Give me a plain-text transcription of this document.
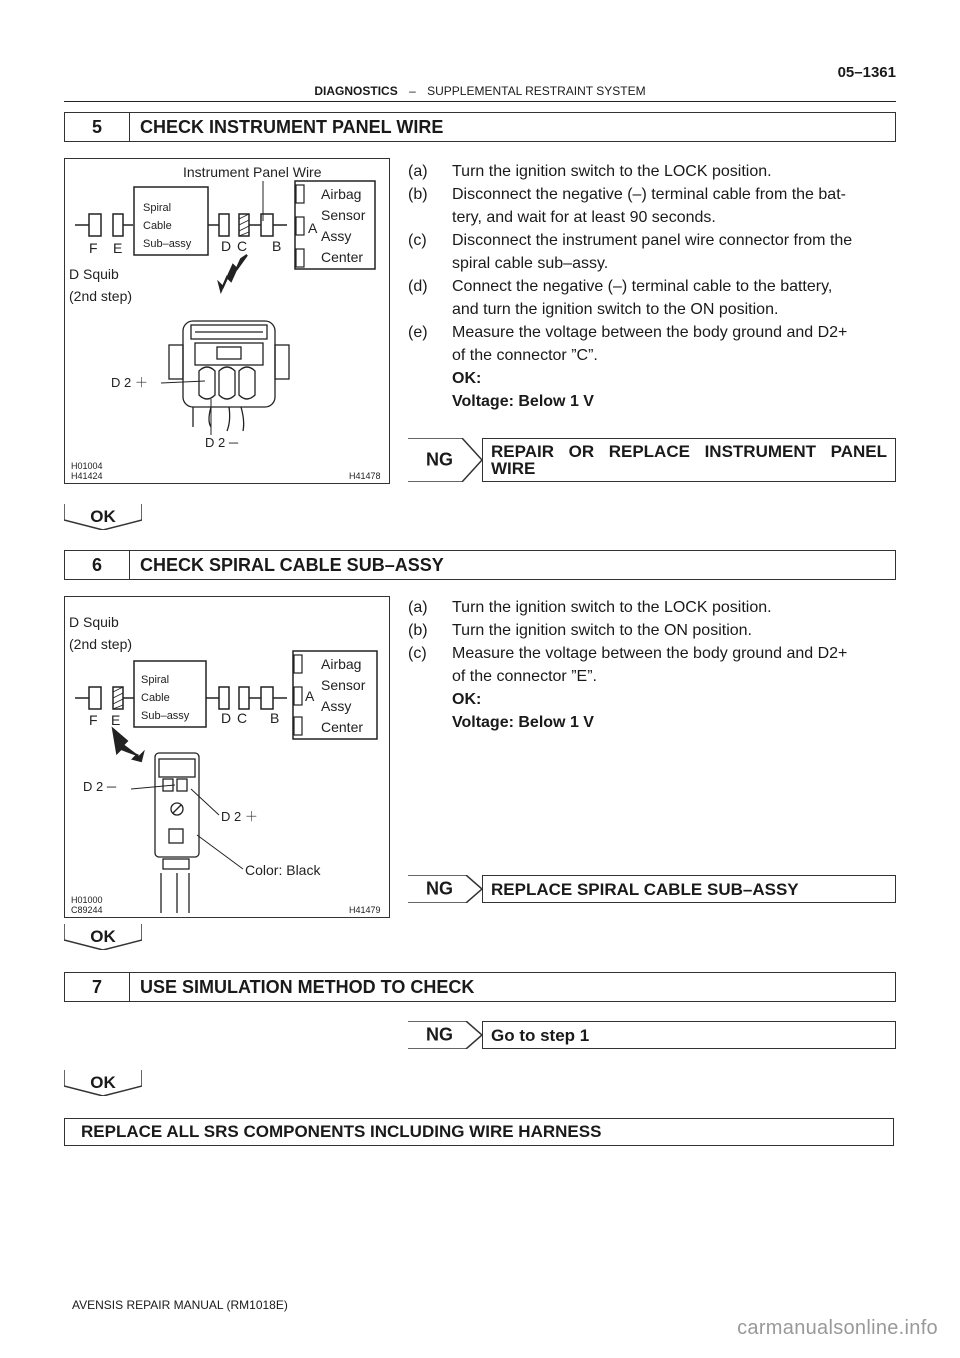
05–1361
DIAGNOSTICS – SUPPLEMENTAL RESTRAINT SYSTEM
5	CHECK INSTRUMENT PANEL WIRE
Instrument Panel Wire
Spiral
Cable
Sub–assy
Airbag
Sensor
Assy
Center
F E	D C B
A
D Squib
(2nd step)
D 2 ＋
D 2 ─
H01004
H41424	H41478
(a)	Turn the ignition switch to the LOCK position.
(b)	Disconnect the negative (–) terminal cable from the bat-
tery, and wait for at least 90 seconds.
(c)	Disconnect the instrument panel wire connector from the
spiral cable sub–assy.
(d)	Connect the negative (–) terminal cable to the battery,
and turn the ignition switch to the ON position.
(e)	Measure the voltage between the body ground and D2+
of the connector ”C”.
OK:
Voltage: Below 1 V
NG REPAIR OR REPLACE INSTRUMENT PANEL
WIRE
OK
6	CHECK SPIRAL CABLE SUB–ASSY
D Squib
(2nd step)
Spiral
Cable
Sub–assy
Airbag
Sensor
Assy
Center
F E	D C B
A
D 2 ─
D 2 ＋
Color: Black
H01000
C89244	H41479
(a)	Turn the ignition switch to the LOCK position.
(b)	Turn the ignition switch to the ON position.
(c)	Measure the voltage between the body ground and D2+
of the connector ”E”.
OK:
Voltage: Below 1 V
NG	REPLACE SPIRAL CABLE SUB–ASSY
OK
7	USE SIMULATION METHOD TO CHECK
NG	Go to step 1
OK
REPLACE ALL SRS COMPONENTS INCLUDING WIRE HARNESS
AVENSIS REPAIR MANUAL (RM1018E)
carmanualsonline.info
